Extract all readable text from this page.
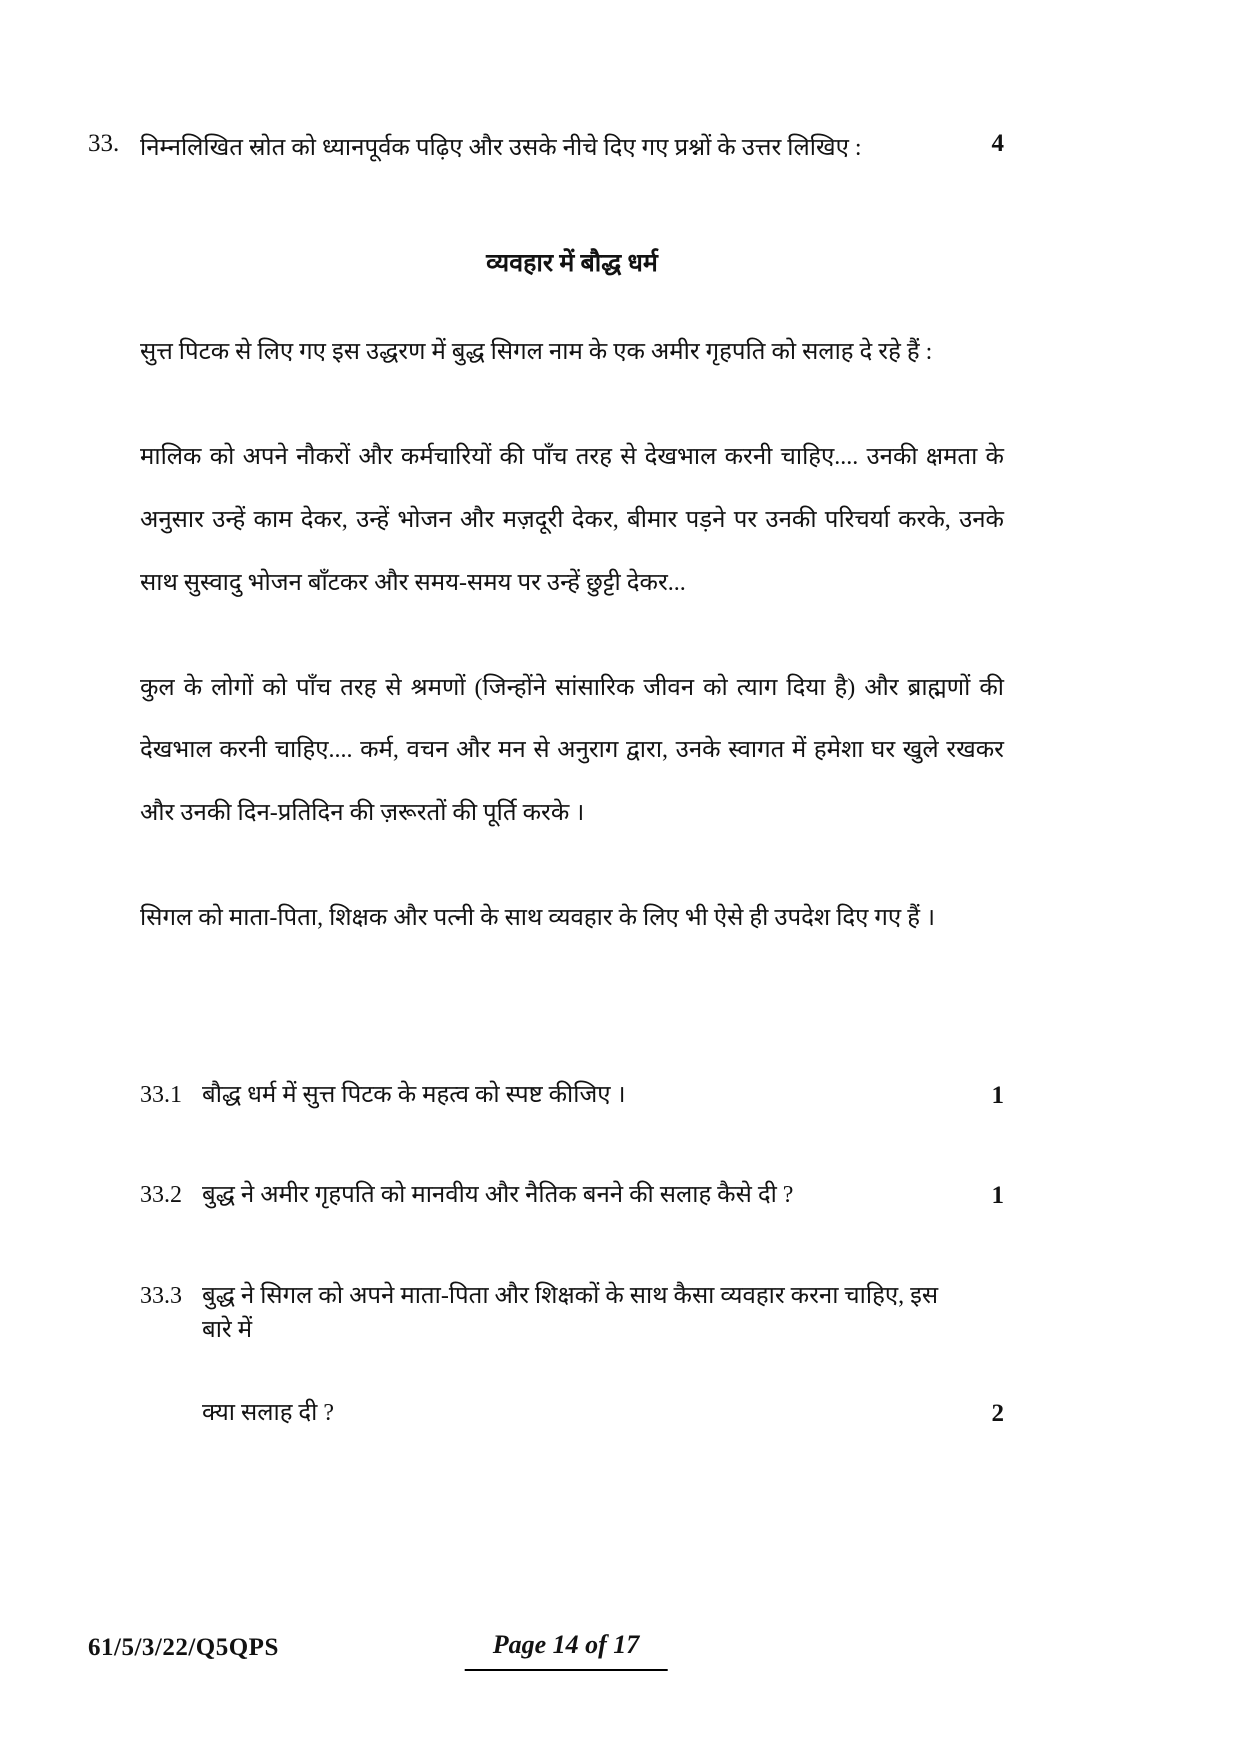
33. निम्नलिखित स्रोत को ध्यानपूर्वक पढ़िए और उसके नीचे दिए गए प्रश्नों के उत्तर लिखिए :	4
व्यवहार में बौद्ध धर्म
सुत्त पिटक से लिए गए इस उद्धरण में बुद्ध सिगल नाम के एक अमीर गृहपति को सलाह दे रहे हैं :
मालिक को अपने नौकरों और कर्मचारियों की पाँच तरह से देखभाल करनी चाहिए.... उनकी क्षमता के अनुसार उन्हें काम देकर, उन्हें भोजन और मज़दूरी देकर, बीमार पड़ने पर उनकी परिचर्या करके, उनके साथ सुस्वादु भोजन बाँटकर और समय-समय पर उन्हें छुट्टी देकर...
कुल के लोगों को पाँच तरह से श्रमणों (जिन्होंने सांसारिक जीवन को त्याग दिया है) और ब्राह्मणों की देखभाल करनी चाहिए.... कर्म, वचन और मन से अनुराग द्वारा, उनके स्वागत में हमेशा घर खुले रखकर और उनकी दिन-प्रतिदिन की ज़रूरतों की पूर्ति करके ।
सिगल को माता-पिता, शिक्षक और पत्नी के साथ व्यवहार के लिए भी ऐसे ही उपदेश दिए गए हैं ।
33.1 बौद्ध धर्म में सुत्त पिटक के महत्व को स्पष्ट कीजिए ।	1
33.2 बुद्ध ने अमीर गृहपति को मानवीय और नैतिक बनने की सलाह कैसे दी ?	1
33.3 बुद्ध ने सिगल को अपने माता-पिता और शिक्षकों के साथ कैसा व्यवहार करना चाहिए, इस बारे में
क्या सलाह दी ?	2
61/5/3/22/Q5QPS	Page 14 of 17
